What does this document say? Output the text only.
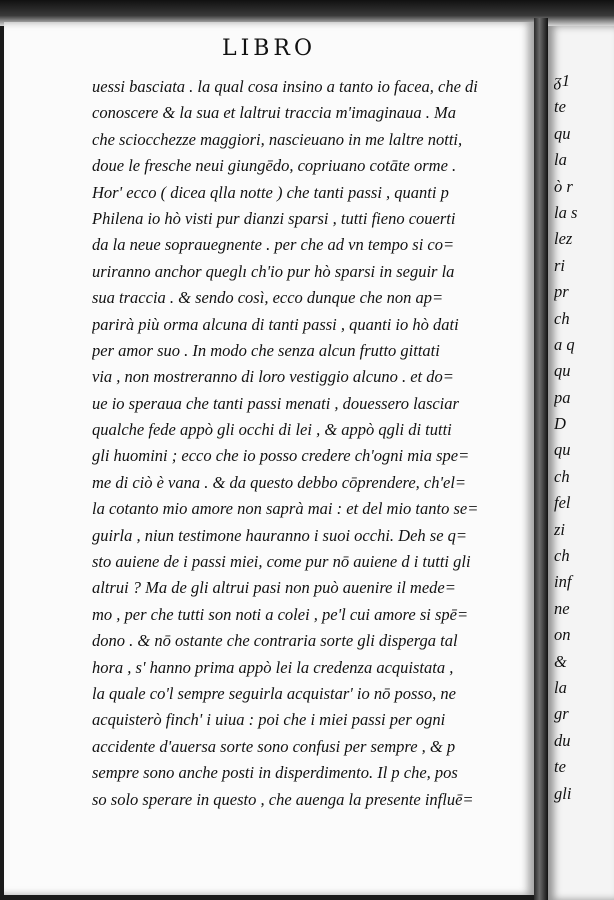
LIBRO
uessi basciata . la qual cosa insino a tanto io facea, che di
conoscere & la sua et laltrui traccia m'imaginaua . Ma
che sciocchezze maggiori, nascieuano in me laltre notti,
doue le fresche neui giungēdo, copriuano cotāte orme .
Hor' ecco ( dicea qlla notte ) che tanti passi , quanti p
Philena io hò visti pur dianzi sparsi , tutti fieno couerti
da la neue soprauegnente . per che ad vn tempo si co=
uriranno anchor queglı ch'io pur hò sparsi in seguir la
sua traccia . & sendo così, ecco dunque che non ap=
parirà più orma alcuna di tanti passi , quanti io hò dati
per amor suo . In modo che senza alcun frutto gittati
via , non mostreranno di loro vestiggio alcuno . et do=
ue io speraua che tanti passi menati , douessero lasciar
qualche fede appò gli occhi di lei , & appò qgli di tutti
gli huomini ; ecco che io posso credere ch'ogni mia spe=
me di ciò è vana . & da questo debbo cōprendere, ch'el=
la cotanto mio amore non saprà mai : et del mio tanto se=
guirla , niun testimone hauranno i suoi occhi. Deh se q=
sto auiene de i passi miei, come pur nō auiene d i tutti gli
altrui ? Ma de gli altrui pasi non può auenire il mede=
mo , per che tutti son noti a colei , pe'l cui amore si spē=
dono . & nō ostante che contraria sorte gli disperga tal
hora , s' hanno prima appò lei la credenza acquistata ,
la quale co'l sempre seguirla acquistar' io nō posso, ne
acquisterò finch' i uiua : poi che i miei passi per ogni
accidente d'auersa sorte sono confusi per sempre , & p
sempre sono anche posti in disperdimento. Il p che, pos
so solo sperare in questo , che auenga la presente influē=
ᵹ1
te
qu
la
ò r
la s
lez
ri
pr
ch
a q
qu
pa
D
qu
ch
fel
zi
ch
inf
ne
on
&
la
gr
du
te
gli
